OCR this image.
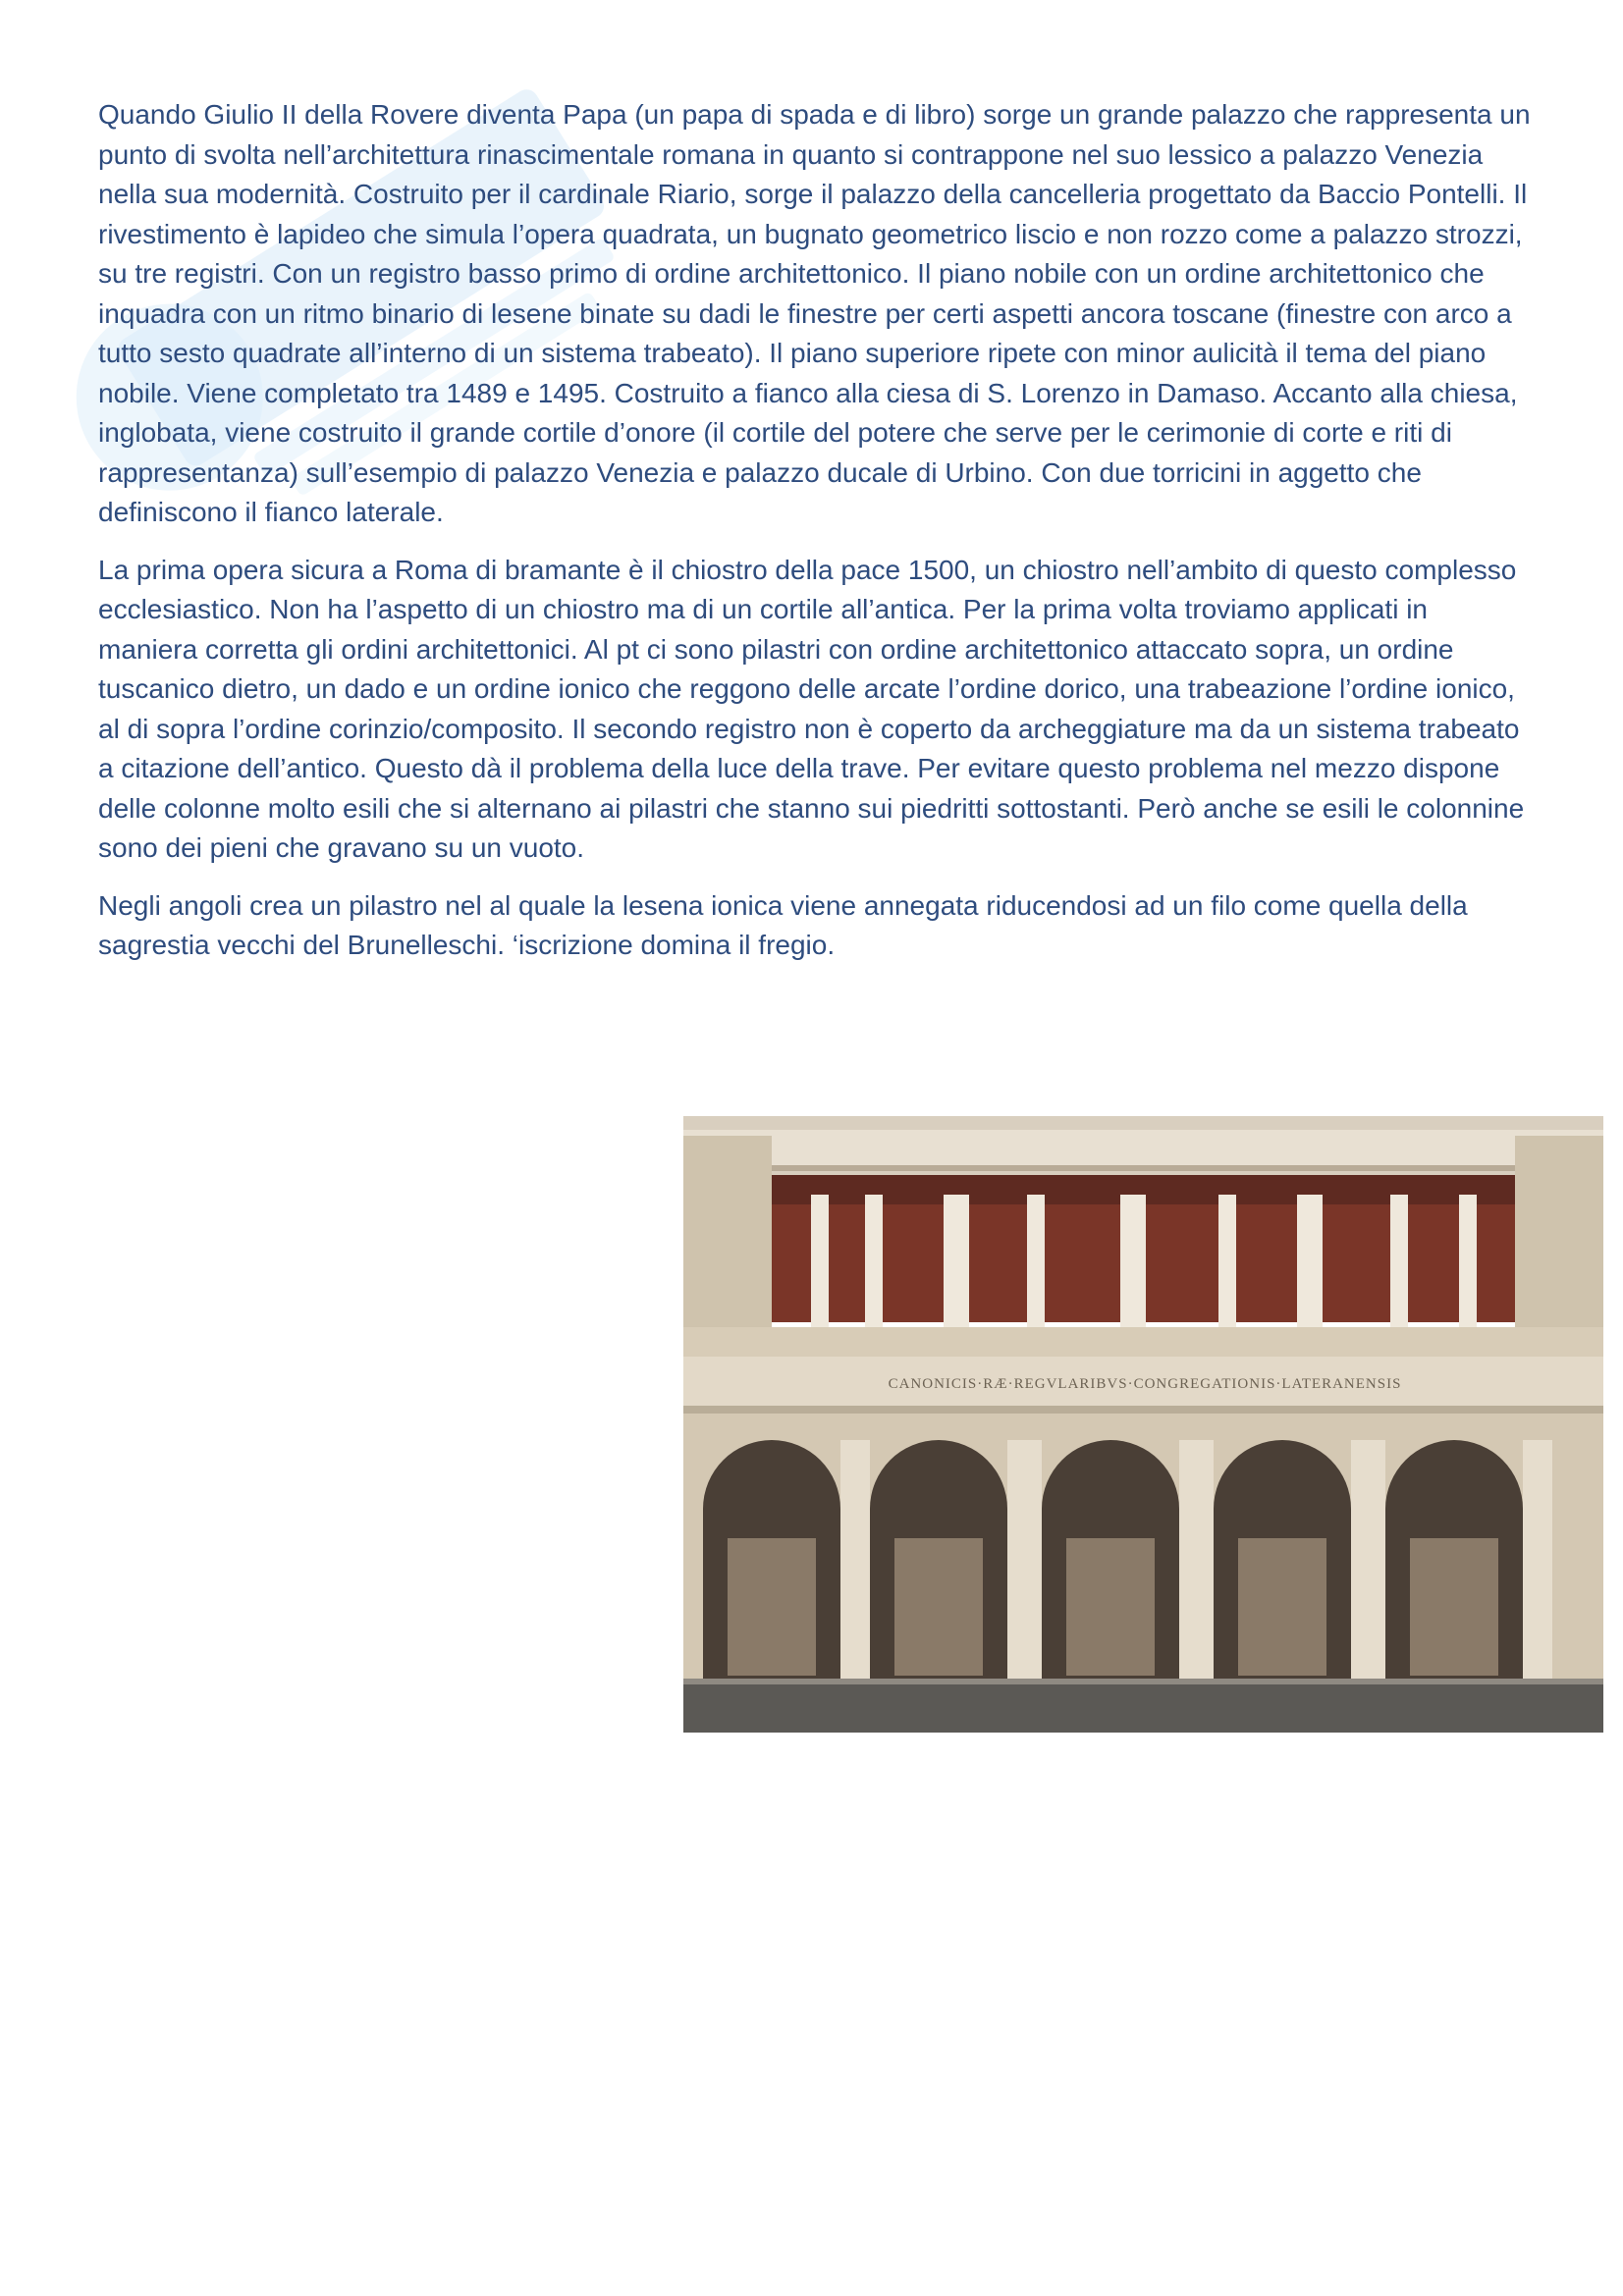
Quando Giulio II della Rovere diventa Papa (un papa di spada e di libro) sorge un grande palazzo che rappresenta un punto di svolta nell’architettura rinascimentale romana in quanto si contrappone nel suo lessico a palazzo Venezia nella sua modernità. Costruito per il cardinale Riario, sorge il palazzo della cancelleria progettato da Baccio Pontelli. Il rivestimento è lapideo che simula l’opera quadrata, un bugnato geometrico liscio e non rozzo come a palazzo strozzi, su tre registri. Con un registro basso primo di ordine architettonico. Il piano nobile con un ordine architettonico che inquadra con un ritmo binario di lesene binate su dadi le finestre per certi aspetti ancora toscane (finestre con arco a tutto sesto quadrate all’interno di un sistema trabeato). Il piano superiore ripete con minor aulicità il tema del piano nobile. Viene completato tra 1489 e 1495. Costruito a fianco alla ciesa di S. Lorenzo in Damaso. Accanto alla chiesa, inglobata, viene costruito il grande cortile d’onore (il cortile del potere che serve per le cerimonie di corte e riti di rappresentanza) sull’esempio di palazzo Venezia e palazzo ducale di Urbino. Con due torricini in aggetto che definiscono il fianco laterale.

La prima opera sicura a Roma di bramante è il chiostro della pace 1500, un chiostro nell’ambito di questo complesso ecclesiastico. Non ha l’aspetto di un chiostro ma di un cortile all’antica. Per la prima volta troviamo applicati in maniera corretta gli ordini architettonici. Al pt ci sono pilastri con ordine architettonico attaccato sopra, un ordine tuscanico dietro, un dado e un ordine ionico che reggono delle arcate l’ordine dorico, una trabeazione l’ordine ionico, al di sopra l’ordine corinzio/composito. Il secondo registro non è coperto da archeggiature ma da un sistema trabeato a citazione dell’antico. Questo dà il problema della luce della trave. Per evitare questo problema nel mezzo dispone delle colonne molto esili che si alternano ai pilastri che stanno sui piedritti sottostanti. Però anche se esili le colonnine sono dei pieni che gravano su un vuoto.

Negli angoli crea un pilastro nel al quale la lesena ionica viene annegata riducendosi ad un filo come quella della sagrestia vecchi del Brunelleschi. ‘iscrizione domina il fregio.

CANONICIS·RÆ·REGVLARIBVS·CONGREGATIONIS·LATERANENSIS
